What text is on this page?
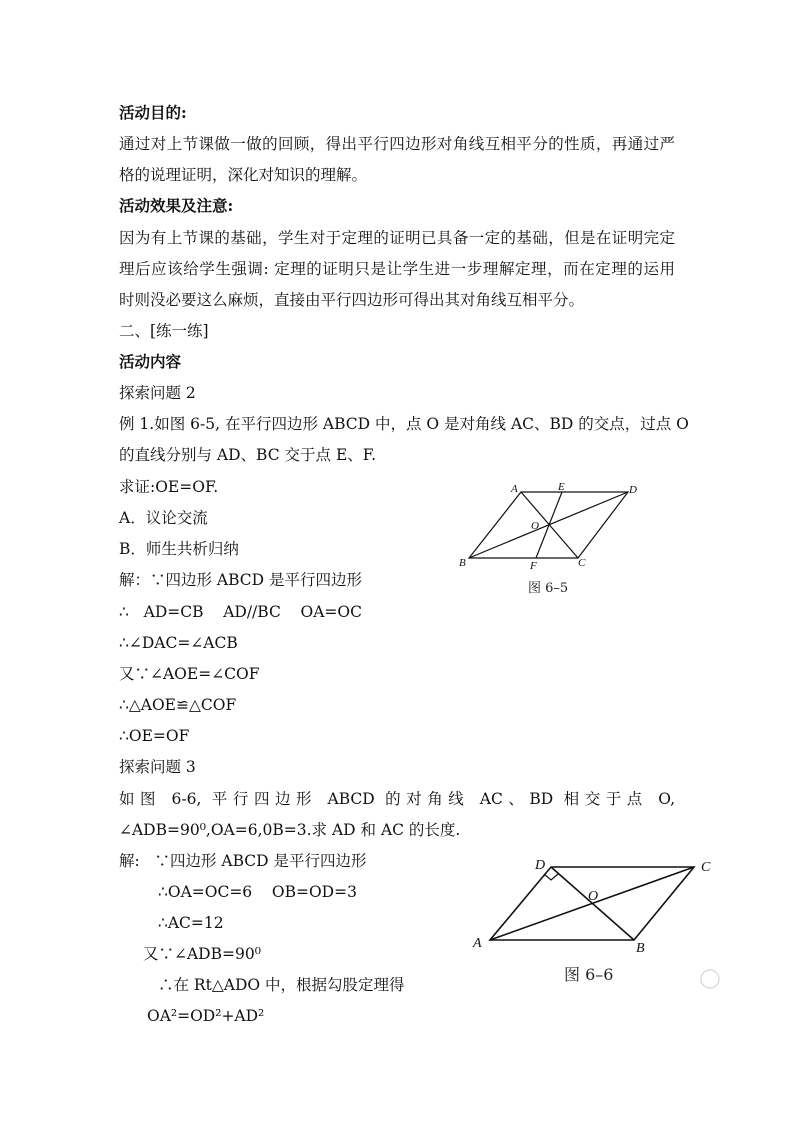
活动目的:
通过对上节课做一做的回顾，得出平行四边形对角线互相平分的性质，再通过严
格的说理证明，深化对知识的理解。
活动效果及注意:
因为有上节课的基础，学生对于定理的证明已具备一定的基础，但是在证明完定
理后应该给学生强调: 定理的证明只是让学生进一步理解定理，而在定理的运用
时则没必要这么麻烦，直接由平行四边形可得出其对角线互相平分。
二、[练一练]
活动内容
探索问题 2
例 1.如图 6-5, 在平行四边形 ABCD 中，点 O 是对角线 AC、BD 的交点，过点 O
的直线分别与 AD、BC 交于点 E、F.
求证:OE=OF.
A．议论交流
B．师生共析归纳
解：∵四边形 ABCD 是平行四边形
∴   AD=CB    AD//BC    OA=OC
∴∠DAC=∠ACB
又∵∠AOE=∠COF
∴△AOE≌△COF
∴OE=OF
探索问题 3
如图 6-6, 平行四边形 ABCD 的对角线 AC、BD 相交于点 O,
∠ADB=90⁰,OA=6,0B=3.求 AD 和 AC 的长度.
解:   ∵四边形 ABCD 是平行四边形
∴OA=OC=6    OB=OD=3
∴AC=12
又∵∠ADB=90⁰
∴在 Rt△ADO 中，根据勾股定理得
OA²=OD²+AD²
A	E	D
O
B	F	C
图 6–5
D	C
O
A	B
图 6–6
